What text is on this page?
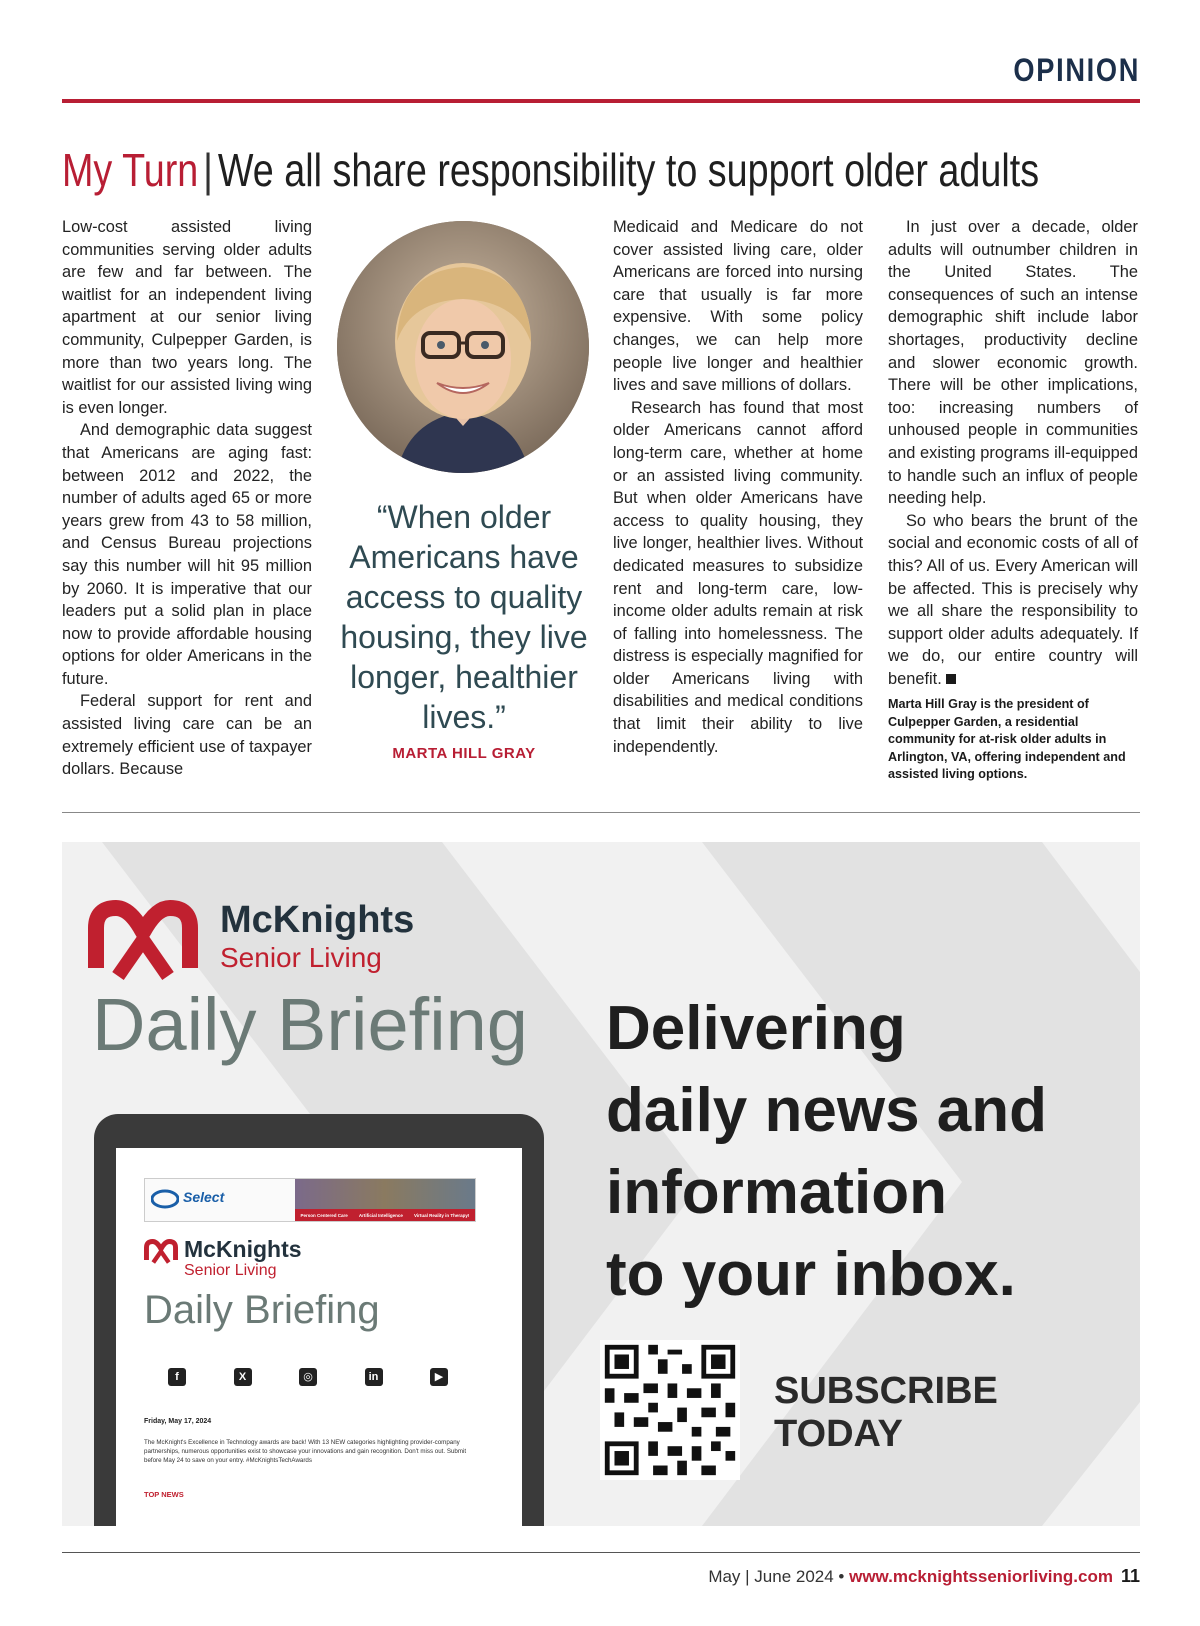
OPINION
My Turn | We all share responsibility to support older adults

Low-cost assisted living communities serving older adults are few and far between. The waitlist for an independent living apartment at our senior living community, Culpepper Garden, is more than two years long. The waitlist for our assisted living wing is even longer.

And demographic data suggest that Americans are aging fast: between 2012 and 2022, the number of adults aged 65 or more years grew from 43 to 58 million, and Census Bureau projections say this number will hit 95 million by 2060. It is imperative that our leaders put a solid plan in place now to provide affordable housing options for older Americans in the future.

Federal support for rent and assisted living care can be an extremely efficient use of taxpayer dollars. Because

“When older Americans have access to quality housing, they live longer, healthier lives.”
MARTA HILL GRAY

Medicaid and Medicare do not cover assisted living care, older Americans are forced into nursing care that usually is far more expensive. With some policy changes, we can help more people live longer and healthier lives and save millions of dollars.

Research has found that most older Americans cannot afford long-term care, whether at home or an assisted living community. But when older Americans have access to quality housing, they live longer, healthier lives. Without dedicated measures to subsidize rent and long-term care, low-income older adults remain at risk of falling into homelessness. The distress is especially magnified for older Americans living with disabilities and medical conditions that limit their ability to live independently.

In just over a decade, older adults will outnumber children in the United States. The consequences of such an intense demographic shift include labor shortages, productivity decline and slower economic growth. There will be other implications, too: increasing numbers of unhoused people in communities and existing programs ill-equipped to handle such an influx of people needing help.

So who bears the brunt of the social and economic costs of all of this? All of us. Every American will be affected. This is precisely why we all share the responsibility to support older adults adequately. If we do, our entire country will benefit.

Marta Hill Gray is the president of Culpepper Garden, a residential community for at-risk older adults in Arlington, VA, offering independent and assisted living options.

McKnights
Senior Living
Daily Briefing
Select
Person Centered Care Artificial Intelligence Virtual Reality in Therapy!
McKnights
Senior Living
Daily Briefing
f	X	◎	in	▶
Friday, May 17, 2024
The McKnight's Excellence in Technology awards are back! With 13 NEW categories highlighting provider-company partnerships, numerous opportunities exist to showcase your innovations and gain recognition. Don't miss out. Submit before May 24 to save on your entry. #McKnightsTechAwards
TOP NEWS
Delivering
daily news and
information
to your inbox.
SUBSCRIBE
TODAY
May | June 2024 • www.mcknightsseniorliving.com 11
